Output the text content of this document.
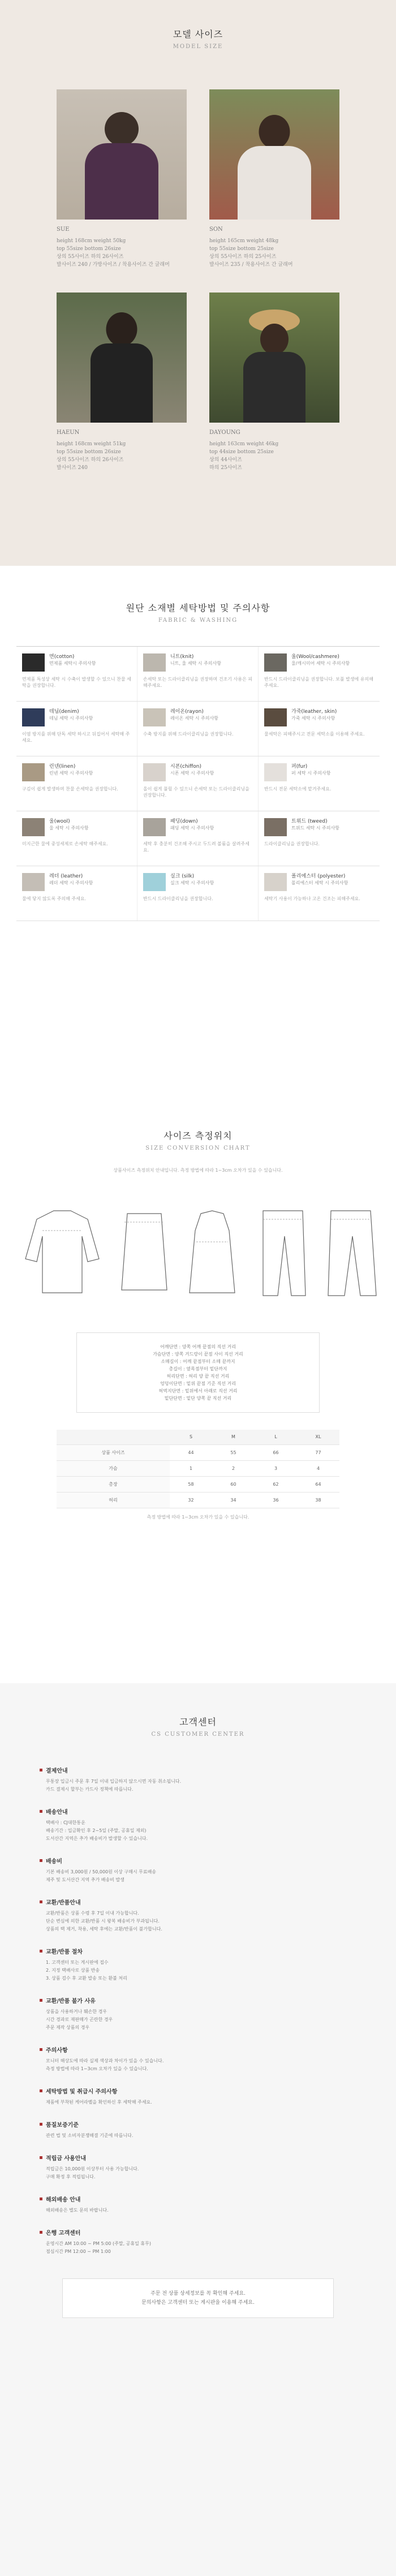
모델 사이즈
MODEL SIZE
SUE
height 168cm weight 50kg
top 55size bottom 26size
상의 55사이즈 하의 26사이즈
발사이즈 240 / 가방사이즈 / 착용사이즈 간 글래머
SON
height 165cm weight 48kg
top 55size bottom 25size
상의 55사이즈 하의 25사이즈
발사이즈 235 / 착용사이즈 간 글래머
HAEUN
height 168cm weight 51kg
top 55size bottom 26size
상의 55사이즈 하의 26사이즈
발사이즈 240
DAYOUNG
height 163cm weight 46kg
top 44size bottom 25size
상의 44사이즈
하의 25사이즈
원단 소재별 세탁방법 및 주의사항
FABRIC & WASHING
면(cotton)
면제품 세탁시 주의사항
면제품 특성상 세탁 시 수축이 발생할 수 있으니 찬물 세탁을 권장합니다.
니트(knit)
니트, 울 세탁 시 주의사항
손세탁 또는 드라이클리닝을 권장하며 건조기 사용은 피해주세요.
울(Wool/cashmere)
울/캐시미어 세탁 시 주의사항
반드시 드라이클리닝을 권장합니다. 보풀 발생에 유의해 주세요.
데님(denim)
데님 세탁 시 주의사항
이염 방지를 위해 단독 세탁 하시고 뒤집어서 세탁해 주세요.
레이온(rayon)
레이온 세탁 시 주의사항
수축 방지를 위해 드라이클리닝을 권장합니다.
가죽(leather, skin)
가죽 세탁 시 주의사항
물세탁은 피해주시고 전문 세탁소를 이용해 주세요.
린넨(linen)
린넨 세탁 시 주의사항
구김이 쉽게 발생하며 찬물 손세탁을 권장합니다.
시폰(chiffon)
시폰 세탁 시 주의사항
올이 쉽게 풀릴 수 있으니 손세탁 또는 드라이클리닝을 권장합니다.
퍼(fur)
퍼 세탁 시 주의사항
반드시 전문 세탁소에 맡겨주세요.
울(wool)
울 세탁 시 주의사항
미지근한 물에 중성세제로 손세탁 해주세요.
패딩(down)
패딩 세탁 시 주의사항
세탁 후 충분히 건조해 주시고 두드려 볼륨을 살려주세요.
트위드 (tweed)
트위드 세탁 시 주의사항
드라이클리닝을 권장합니다.
레더 (leather)
레더 세탁 시 주의사항
물에 닿지 않도록 주의해 주세요.
실크 (silk)
실크 세탁 시 주의사항
반드시 드라이클리닝을 권장합니다.
폴리에스터 (polyester)
폴리에스터 세탁 시 주의사항
세탁기 사용이 가능하나 고온 건조는 피해주세요.
사이즈 측정위치
SIZE CONVERSION CHART
상품사이즈 측정위치 안내입니다. 측정 방법에 따라 1~3cm 오차가 있을 수 있습니다.
어깨단면 : 양쪽 어깨 끝점의 직선 거리
가슴단면 : 양쪽 겨드랑이 끝점 사이 직선 거리
소매길이 : 어깨 끝점부터 소매 끝까지
총길이 : 옆목점부터 밑단까지
허리단면 : 허리 양 끝 직선 거리
엉덩이단면 : 밑위 끝점 기준 직선 거리
허벅지단면 : 밑위에서 아래로 직선 거리
밑단단면 : 밑단 양쪽 끝 직선 거리
	S	M	L	XL
상품 사이즈	44	55	66	77
가슴	1	2	3	4
총장	58	60	62	64
허리	32	34	36	38
측정 방법에 따라 1~3cm 오차가 있을 수 있습니다.
고객센터
CS CUSTOMER CENTER
결제안내

무통장 입금시 주문 후 7일 이내 입금하지 않으시면 자동 취소됩니다.

카드 결제시 할부는 카드사 정책에 따릅니다.

배송안내

택배사 : CJ대한통운

배송기간 : 입금확인 후 2~5일 (주말, 공휴일 제외)

도서산간 지역은 추가 배송비가 발생할 수 있습니다.

배송비

기본 배송비 3,000원 / 50,000원 이상 구매시 무료배송

제주 및 도서산간 지역 추가 배송비 발생

교환/반품안내

교환/반품은 상품 수령 후 7일 이내 가능합니다.

단순 변심에 의한 교환/반품 시 왕복 배송비가 부과됩니다.

상품의 택 제거, 착용, 세탁 후에는 교환/반품이 불가합니다.

교환/반품 절차

1. 고객센터 또는 게시판에 접수

2. 지정 택배사로 상품 반송

3. 상품 검수 후 교환 발송 또는 환불 처리

교환/반품 불가 사유

상품을 사용하거나 훼손한 경우

시간 경과로 재판매가 곤란한 경우

주문 제작 상품의 경우

주의사항

모니터 해상도에 따라 실제 색상과 차이가 있을 수 있습니다.

측정 방법에 따라 1~3cm 오차가 있을 수 있습니다.

세탁방법 및 취급시 주의사항

제품에 부착된 케어라벨을 확인하신 후 세탁해 주세요.

품질보증기준

관련 법 및 소비자분쟁해결 기준에 따릅니다.

적립금 사용안내

적립금은 10,000원 이상부터 사용 가능합니다.

구매 확정 후 적립됩니다.

해외배송 안내

해외배송은 별도 문의 바랍니다.

은행 고객센터

운영시간 AM 10:00 ~ PM 5:00 (주말, 공휴일 휴무)

점심시간 PM 12:00 ~ PM 1:00

주문 전 상품 상세정보를 꼭 확인해 주세요.
문의사항은 고객센터 또는 게시판을 이용해 주세요.
